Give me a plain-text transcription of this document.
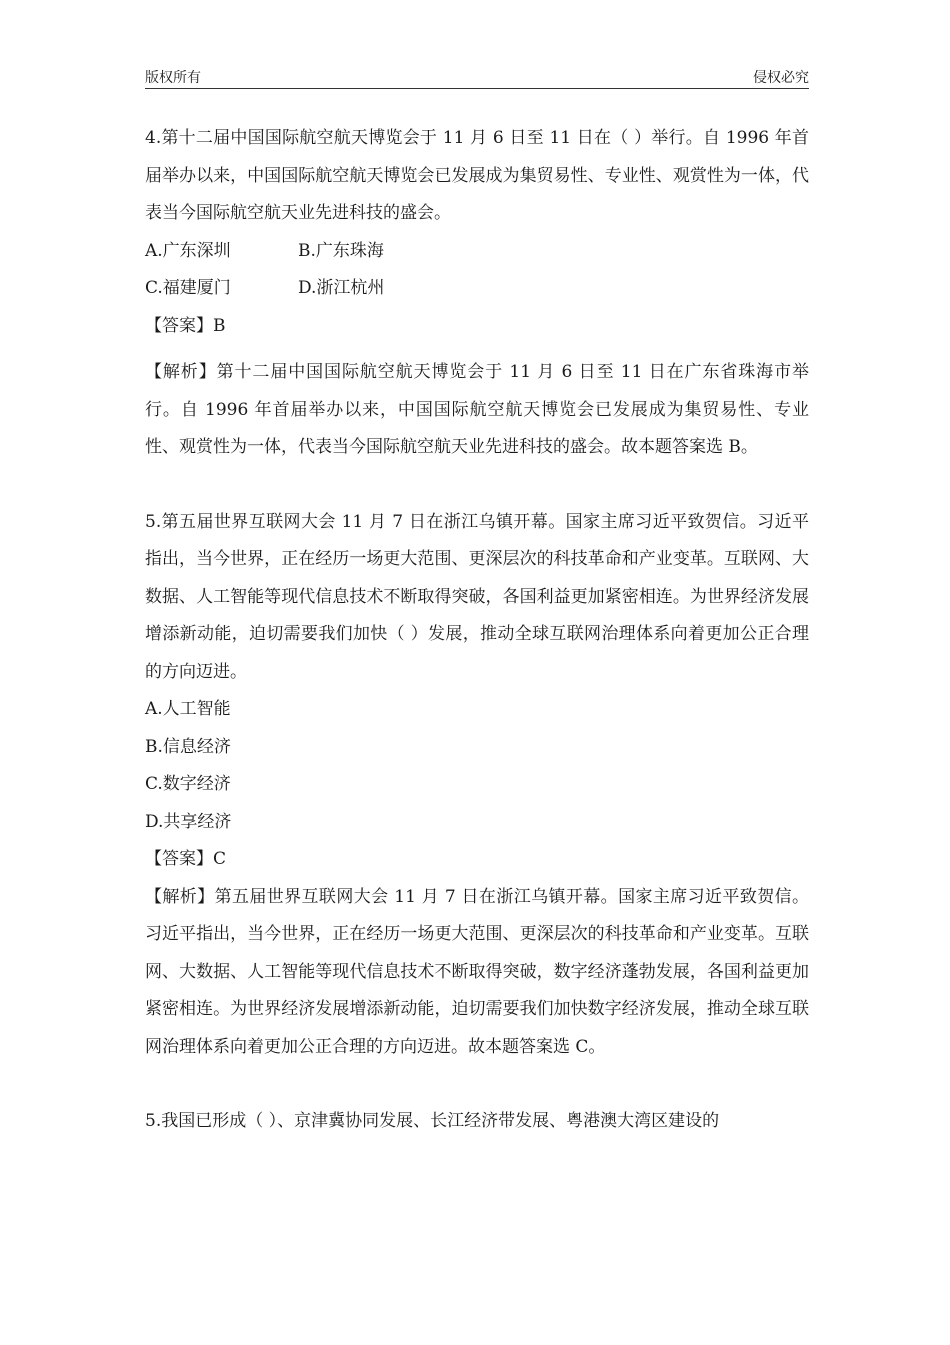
版权所有	侵权必究

4.第十二届中国国际航空航天博览会于 11 月 6 日至 11 日在（ ）举行。自 1996 年首届举办以来，中国国际航空航天博览会已发展成为集贸易性、专业性、观赏性为一体，代表当今国际航空航天业先进科技的盛会。

A.广东深圳	B.广东珠海

C.福建厦门	D.浙江杭州

【答案】B

【解析】第十二届中国国际航空航天博览会于 11 月 6 日至 11 日在广东省珠海市举行。自 1996 年首届举办以来，中国国际航空航天博览会已发展成为集贸易性、专业性、观赏性为一体，代表当今国际航空航天业先进科技的盛会。故本题答案选 B。

5.第五届世界互联网大会 11 月 7 日在浙江乌镇开幕。国家主席习近平致贺信。习近平指出，当今世界，正在经历一场更大范围、更深层次的科技革命和产业变革。互联网、大数据、人工智能等现代信息技术不断取得突破，各国利益更加紧密相连。为世界经济发展增添新动能，迫切需要我们加快（ ）发展，推动全球互联网治理体系向着更加公正合理的方向迈进。

A.人工智能

B.信息经济

C.数字经济

D.共享经济

【答案】C

【解析】第五届世界互联网大会 11 月 7 日在浙江乌镇开幕。国家主席习近平致贺信。习近平指出，当今世界，正在经历一场更大范围、更深层次的科技革命和产业变革。互联网、大数据、人工智能等现代信息技术不断取得突破，数字经济蓬勃发展，各国利益更加紧密相连。为世界经济发展增添新动能，迫切需要我们加快数字经济发展，推动全球互联网治理体系向着更加公正合理的方向迈进。故本题答案选 C。

5.我国已形成（ ）、京津冀协同发展、长江经济带发展、粤港澳大湾区建设的
